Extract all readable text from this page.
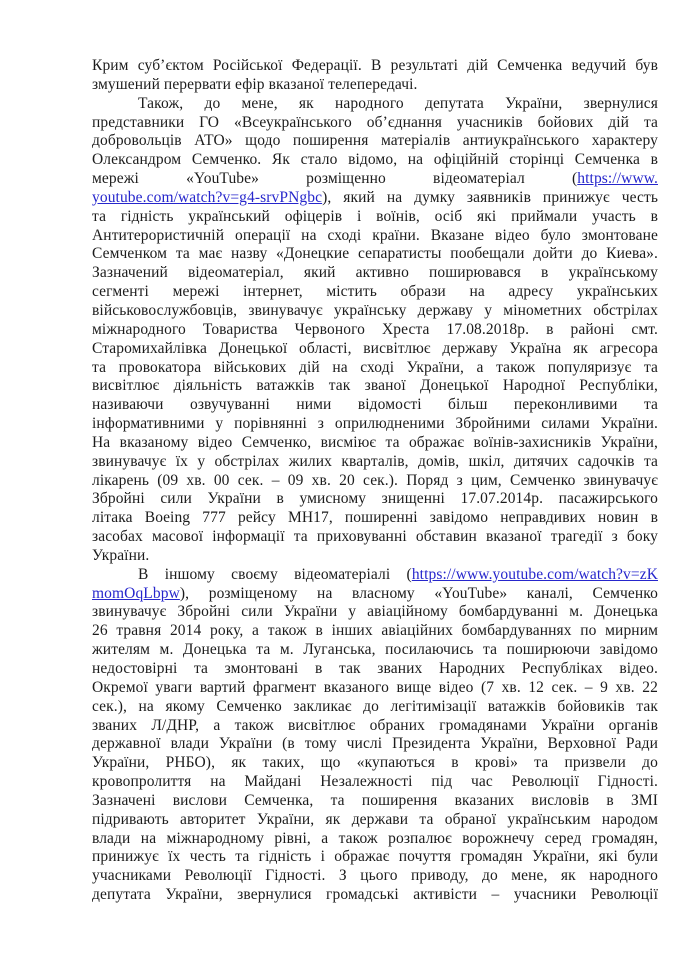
Крим суб’єктом Російської Федерації. В результаті дій Семченка ведучий був
змушений перервати ефір вказаної телепередачі.
Також, до мене, як народного депутата України, звернулися
представники ГО «Всеукраїнського об’єднання учасників бойових дій та
добровольців АТО» щодо поширення матеріалів антиукраїнського характеру
Олександром Семченко. Як стало відомо, на офіційній сторінці Семченка в
мережі «YouTube» розміщенно відеоматеріал (https://www.
youtube.com/watch?v=g4-srvPNgbc), який на думку заявників принижує честь
та гідність український офіцерів і воїнів, осіб які приймали участь в
Антитерористичній операції на сході країни. Вказане відео було змонтоване
Семченком та має назву «Донецкие сепаратисты пообещали дойти до Киева».
Зазначений відеоматеріал, який активно поширювався в українському
сегменті мережі інтернет, містить образи на адресу українських
військовослужбовців, звинувачує українську державу у мінометних обстрілах
міжнародного Товариства Червоного Хреста 17.08.2018р. в районі смт.
Старомихайлівка Донецької області, висвітлює державу Україна як агресора
та провокатора військових дій на сході України, а також популяризує та
висвітлює діяльність ватажків так званої Донецької Народної Республіки,
називаючи озвучуванні ними відомості більш переконливими та
інформативними у порівнянні з оприлюдненими Збройними силами України.
На вказаному відео Семченко, висміює та ображає воїнів-захисників України,
звинувачує їх у обстрілах жилих кварталів, домів, шкіл, дитячих садочків та
лікарень (09 хв. 00 сек. – 09 хв. 20 сек.). Поряд з цим, Семченко звинувачує
Збройні сили України в умисному знищенні 17.07.2014р. пасажирського
літака Boeing 777 рейсу МН17, поширенні завідомо неправдивих новин в
засобах масової інформації та приховуванні обставин вказаної трагедії з боку
України.
В іншому своєму відеоматеріалі (https://www.youtube.com/watch?v=zK
momOqLbpw), розміщеному на власному «YouTube» каналі, Семченко
звинувачує Збройні сили України у авіаційному бомбардуванні м. Донецька
26 травня 2014 року, а також в інших авіаційних бомбардуваннях по мирним
жителям м. Донецька та м. Луганська, посилаючись та поширюючи завідомо
недостовірні та змонтовані в так званих Народних Республіках відео.
Окремої уваги вартий фрагмент вказаного вище відео (7 хв. 12 сек. – 9 хв. 22
сек.), на якому Семченко закликає до легітимізації ватажків бойовиків так
званих Л/ДНР, а також висвітлює обраних громадянами України органів
державної влади України (в тому числі Президента України, Верховної Ради
України, РНБО), як таких, що «купаються в крові» та призвели до
кровопролиття на Майдані Незалежності під час Революції Гідності.
Зазначені вислови Семченка, та поширення вказаних висловів в ЗМІ
підривають авторитет України, як держави та обраної українським народом
влади на міжнародному рівні, а також розпалює ворожнечу серед громадян,
принижує їх честь та гідність і ображає почуття громадян України, які були
учасниками Революції Гідності. З цього приводу, до мене, як народного
депутата України, звернулися громадські активісти – учасники Революції
